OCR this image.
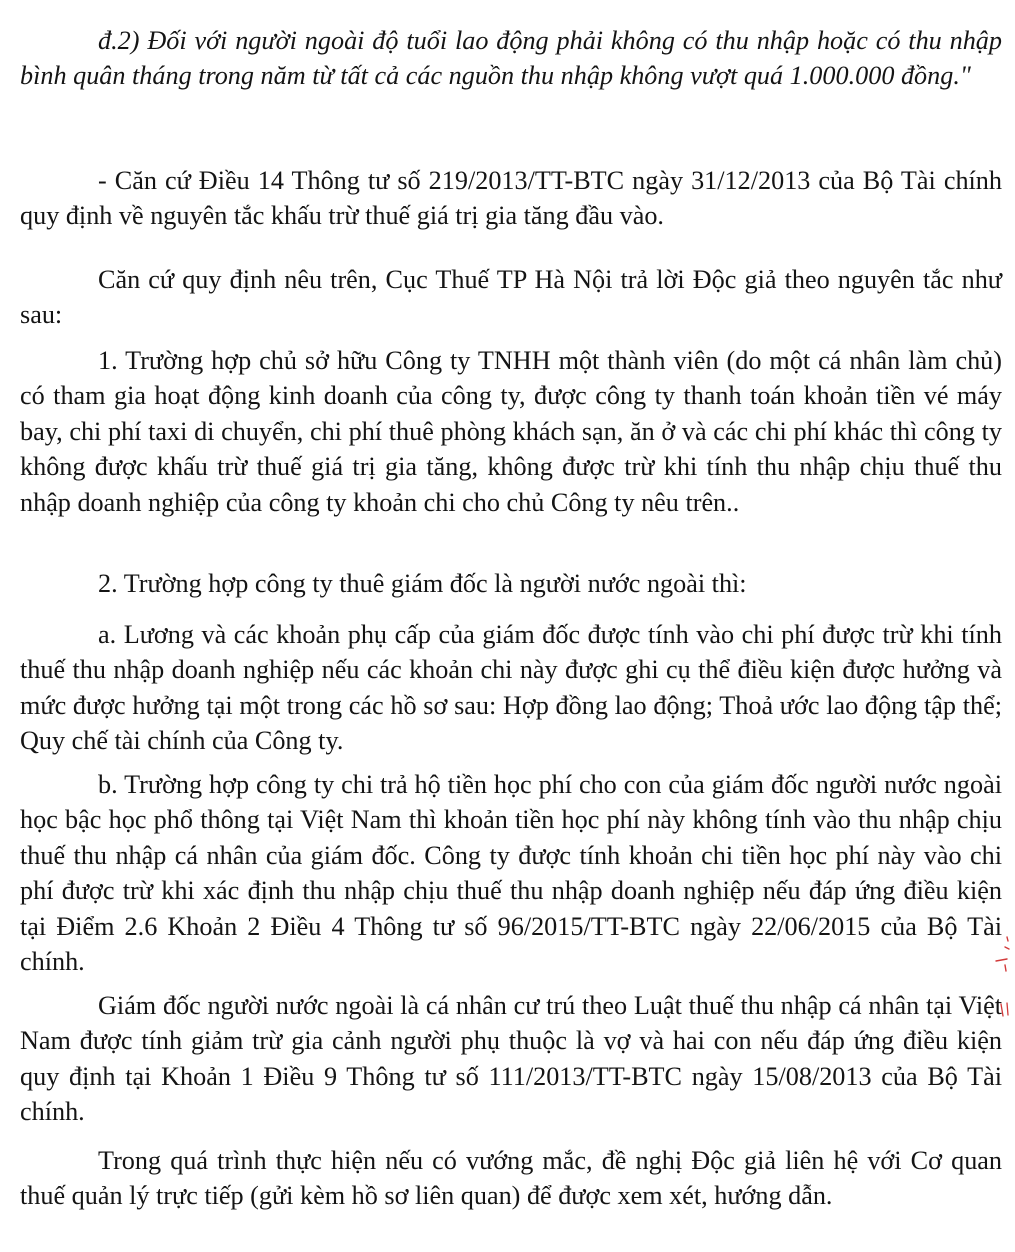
đ.2) Đối với người ngoài độ tuổi lao động phải không có thu nhập hoặc có thu nhập bình quân tháng trong năm từ tất cả các nguồn thu nhập không vượt quá 1.000.000 đồng."

- Căn cứ Điều 14 Thông tư số 219/2013/TT-BTC ngày 31/12/2013 của Bộ Tài chính quy định về nguyên tắc khấu trừ thuế giá trị gia tăng đầu vào.

Căn cứ quy định nêu trên, Cục Thuế TP Hà Nội trả lời Độc giả theo nguyên tắc như sau:

1. Trường hợp chủ sở hữu Công ty TNHH một thành viên (do một cá nhân làm chủ) có tham gia hoạt động kinh doanh của công ty, được công ty thanh toán khoản tiền vé máy bay, chi phí taxi di chuyển, chi phí thuê phòng khách sạn, ăn ở và các chi phí khác thì công ty không được khấu trừ thuế giá trị gia tăng, không được trừ khi tính thu nhập chịu thuế thu nhập doanh nghiệp của công ty khoản chi cho chủ Công ty nêu trên..

2. Trường hợp công ty thuê giám đốc là người nước ngoài thì:

a. Lương và các khoản phụ cấp của giám đốc được tính vào chi phí được trừ khi tính thuế thu nhập doanh nghiệp nếu các khoản chi này được ghi cụ thể điều kiện được hưởng và mức được hưởng tại một trong các hồ sơ sau: Hợp đồng lao động; Thoả ước lao động tập thể; Quy chế tài chính của Công ty.

b. Trường hợp công ty chi trả hộ tiền học phí cho con của giám đốc người nước ngoài học bậc học phổ thông tại Việt Nam thì khoản tiền học phí này không tính vào thu nhập chịu thuế thu nhập cá nhân của giám đốc. Công ty được tính khoản chi tiền học phí này vào chi phí được trừ khi xác định thu nhập chịu thuế thu nhập doanh nghiệp nếu đáp ứng điều kiện tại Điểm 2.6 Khoản 2 Điều 4 Thông tư số 96/2015/TT-BTC ngày 22/06/2015 của Bộ Tài chính.

Giám đốc người nước ngoài là cá nhân cư trú theo Luật thuế thu nhập cá nhân tại Việt Nam được tính giảm trừ gia cảnh người phụ thuộc là vợ và hai con nếu đáp ứng điều kiện quy định tại Khoản 1 Điều 9 Thông tư số 111/2013/TT-BTC ngày 15/08/2013 của Bộ Tài chính.

Trong quá trình thực hiện nếu có vướng mắc, đề nghị Độc giả liên hệ với Cơ quan thuế quản lý trực tiếp (gửi kèm hồ sơ liên quan) để được xem xét, hướng dẫn.
